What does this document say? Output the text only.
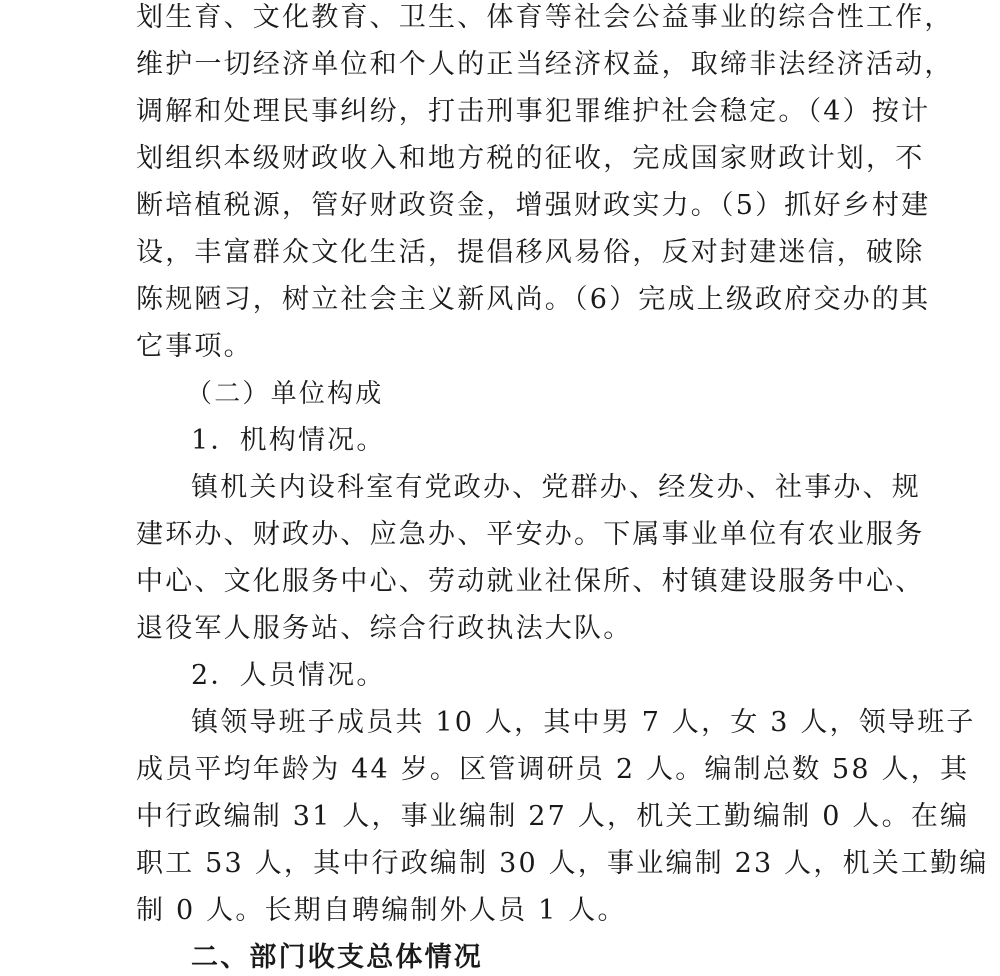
划生育、文化教育、卫生、体育等社会公益事业的综合性工作，
维护一切经济单位和个人的正当经济权益，取缔非法经济活动，
调解和处理民事纠纷，打击刑事犯罪维护社会稳定。（4）按计
划组织本级财政收入和地方税的征收，完成国家财政计划，不
断培植税源，管好财政资金，增强财政实力。（5）抓好乡村建
设，丰富群众文化生活，提倡移风易俗，反对封建迷信，破除
陈规陋习，树立社会主义新风尚。（6）完成上级政府交办的其
它事项。
（二）单位构成
1．机构情况。
镇机关内设科室有党政办、党群办、经发办、社事办、规
建环办、财政办、应急办、平安办。下属事业单位有农业服务
中心、文化服务中心、劳动就业社保所、村镇建设服务中心、
退役军人服务站、综合行政执法大队。
2．人员情况。
镇领导班子成员共 10 人，其中男 7 人，女 3 人，领导班子
成员平均年龄为 44 岁。区管调研员 2 人。编制总数 58 人，其
中行政编制 31 人，事业编制 27 人，机关工勤编制 0 人。在编
职工 53 人，其中行政编制 30 人，事业编制 23 人，机关工勤编
制 0 人。长期自聘编制外人员 1 人。
二、部门收支总体情况
